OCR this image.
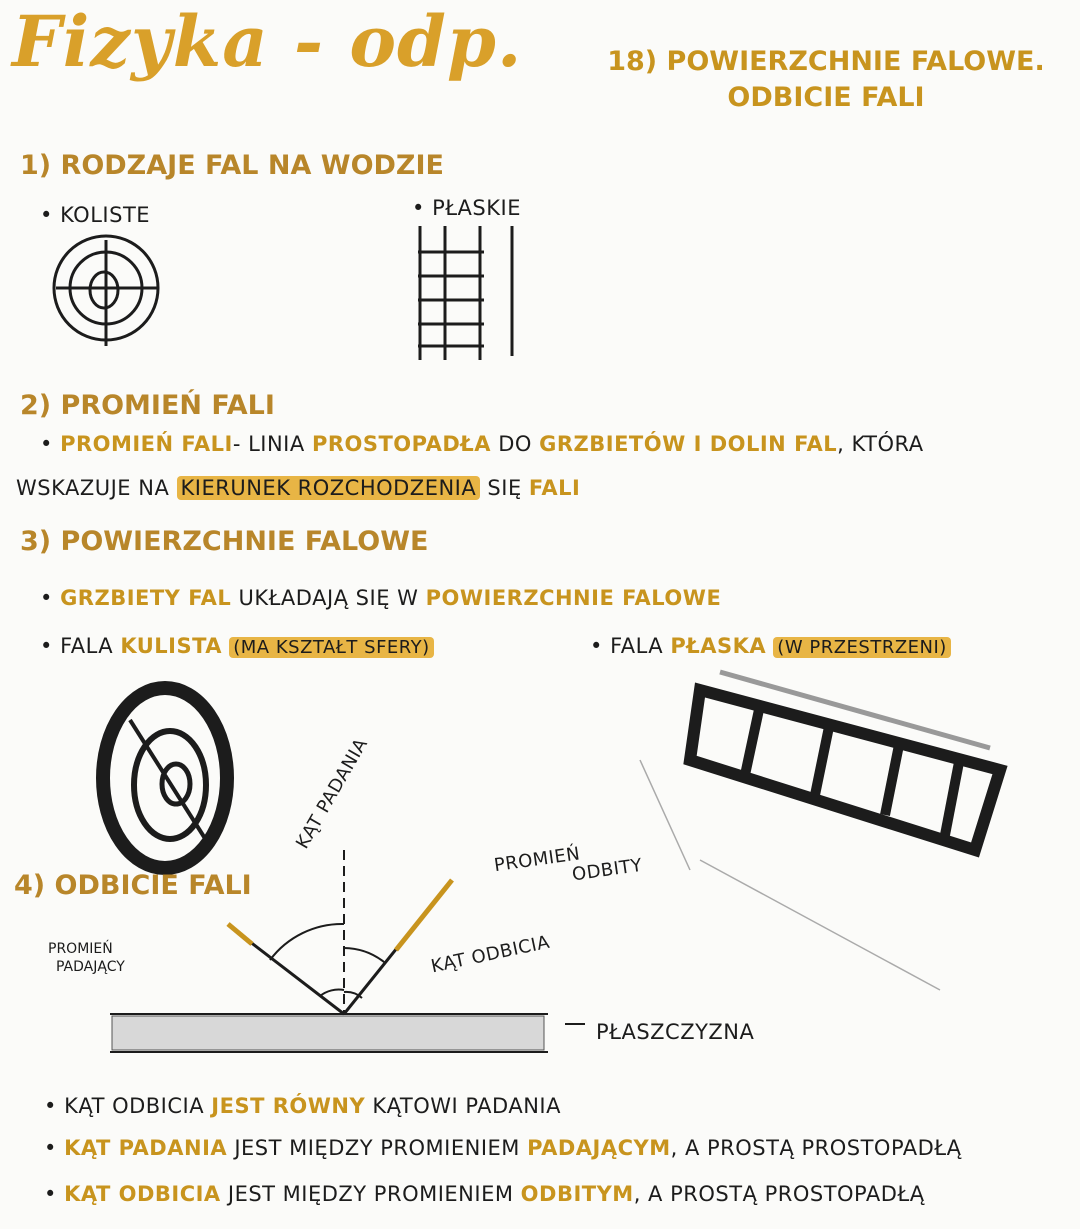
Fizyka - odp.	18) POWIERZCHNIE FALOWE.
ODBICIE FALI
1) RODZAJE FAL NA WODZIE
• KOLISTE	• PŁASKIE
2) PROMIEŃ FALI
• PROMIEŃ FALI- LINIA PROSTOPADŁA DO GRZBIETÓW I DOLIN FAL, KTÓRA
WSKAZUJE NA KIERUNEK ROZCHODZENIA SIĘ FALI
3) POWIERZCHNIE FALOWE
• GRZBIETY FAL UKŁADAJĄ SIĘ W POWIERZCHNIE FALOWE
• FALA KULISTA (MA KSZTAŁT SFERY)	• FALA PŁASKA (W PRZESTRZENI)
4) ODBICIE FALI
KĄT PADANIA
PROMIEŃ
ODBITY
KĄT ODBICIA
PROMIEŃ
PADAJĄCY
PŁASZCZYZNA
• KĄT ODBICIA JEST RÓWNY KĄTOWI PADANIA
• KĄT PADANIA JEST MIĘDZY PROMIENIEM PADAJĄCYM, A PROSTĄ PROSTOPADŁĄ
• KĄT ODBICIA JEST MIĘDZY PROMIENIEM ODBITYM, A PROSTĄ PROSTOPADŁĄ
